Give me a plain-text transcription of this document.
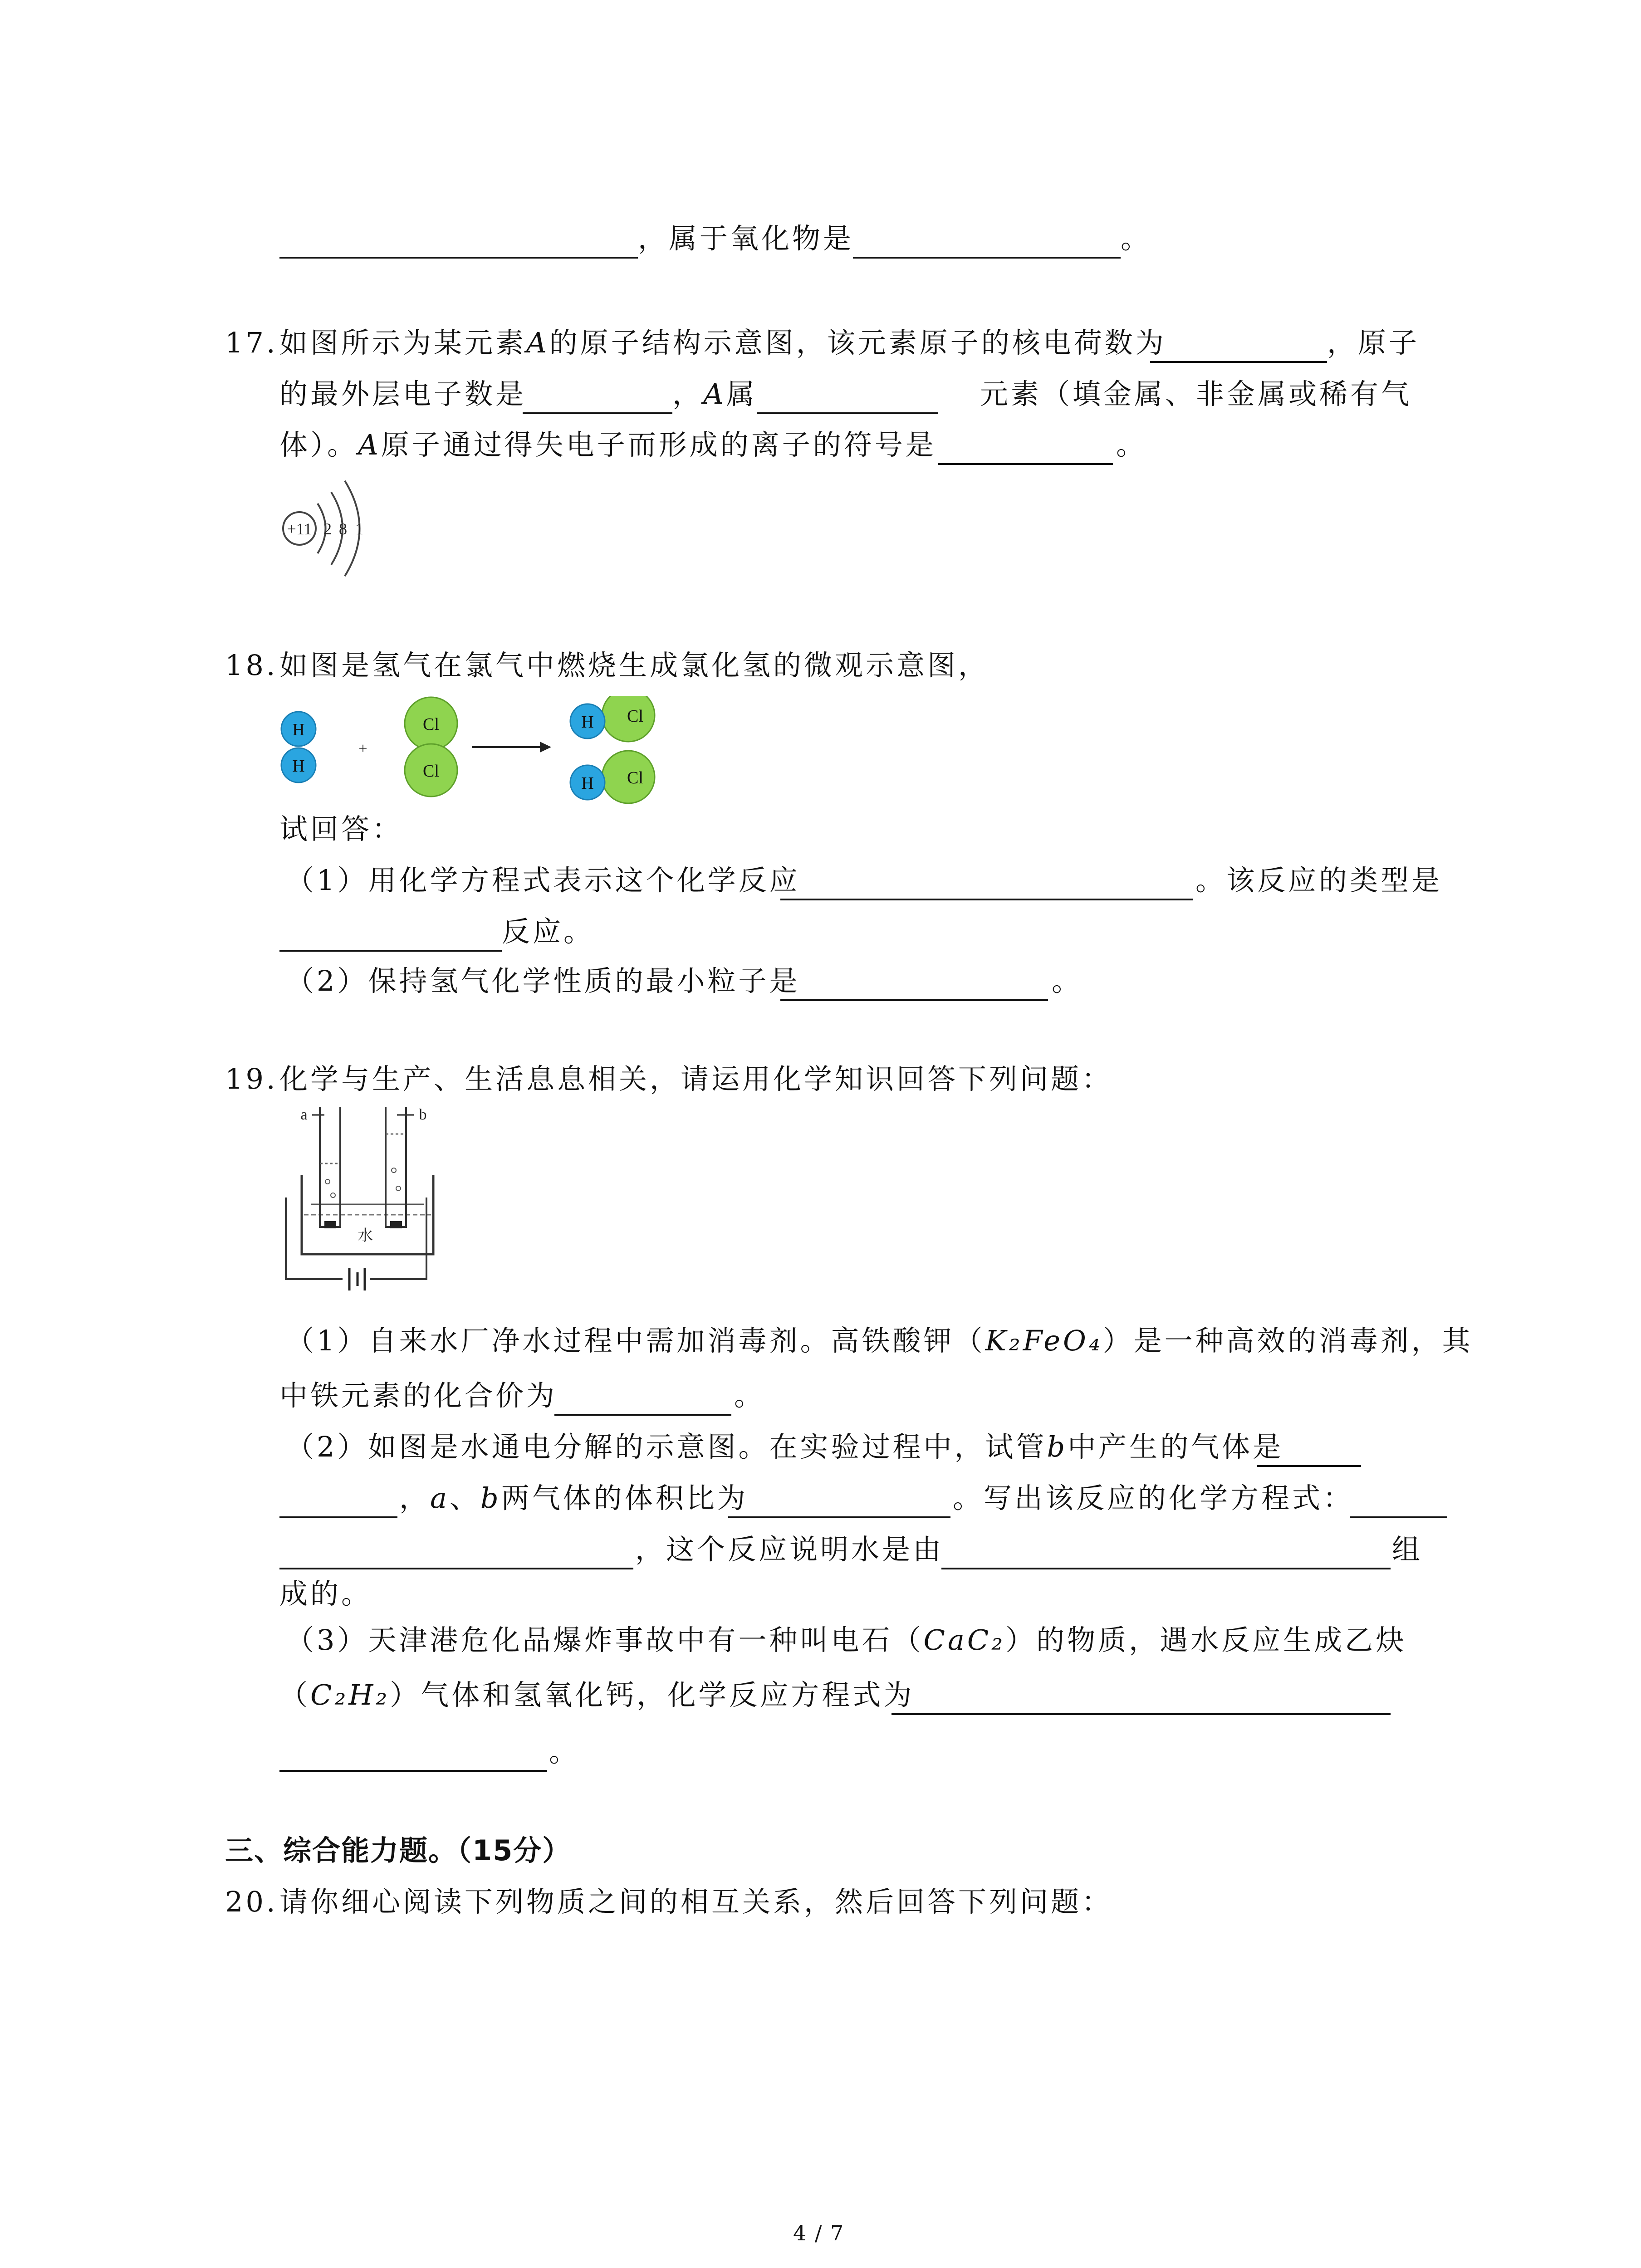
，属于氧化物是	。
17. 如图所示为某元素A的原子结构示意图，该元素原子的核电荷数为	，原子
的最外层电子数是	，A属	元素（填金属、非金属或稀有气
体）。A原子通过得失电子而形成的离子的符号是	。
+11 2 8 1
18. 如图是氢气在氯气中燃烧生成氯化氢的微观示意图，
H
H
+
Cl
Cl
H Cl
H Cl
试回答：
（1）用化学方程式表示这个化学反应	。该反应的类型是
反应。
（2）保持氢气化学性质的最小粒子是	。
19. 化学与生产、生活息息相关，请运用化学知识回答下列问题：
a	b
水
（1）自来水厂净水过程中需加消毒剂。高铁酸钾（K₂FeO₄）是一种高效的消毒剂，其
中铁元素的化合价为	。
（2）如图是水通电分解的示意图。在实验过程中，试管b中产生的气体是
，a、b两气体的体积比为	。写出该反应的化学方程式：
，这个反应说明水是由	组
成的。
（3）天津港危化品爆炸事故中有一种叫电石（CaC₂）的物质，遇水反应生成乙炔
（C₂H₂）气体和氢氧化钙，化学反应方程式为
。
三、综合能力题。（15分）
20. 请你细心阅读下列物质之间的相互关系，然后回答下列问题：
4 / 7
